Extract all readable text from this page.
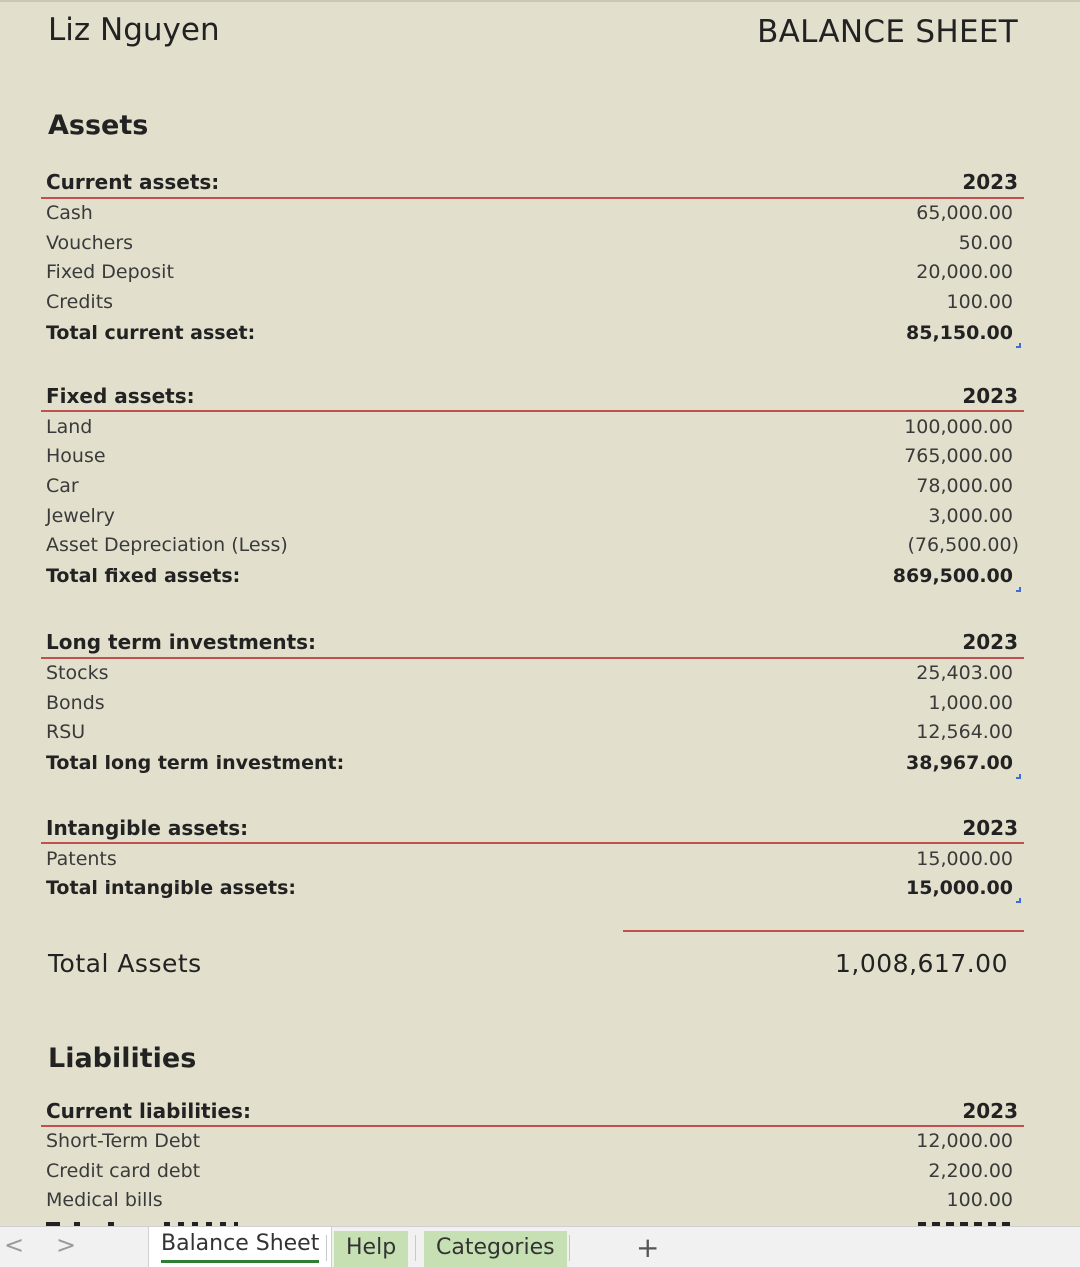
Liz Nguyen	BALANCE SHEET
Assets
Current assets:	2023
Cash	65,000.00
Vouchers	50.00
Fixed Deposit	20,000.00
Credits	100.00
Total current asset:	85,150.00
Fixed assets:	2023
Land	100,000.00
House	765,000.00
Car	78,000.00
Jewelry	3,000.00
Asset Depreciation (Less)	(76,500.00)
Total fixed assets:	869,500.00
Long term investments:	2023
Stocks	25,403.00
Bonds	1,000.00
RSU	12,564.00
Total long term investment:	38,967.00
Intangible assets:	2023
Patents	15,000.00
Total intangible assets:	15,000.00
Total Assets	1,008,617.00
Liabilities
Current liabilities:	2023
Short-Term Debt	12,000.00
Credit card debt	2,200.00
Medical bills	100.00
< >	Balance Sheet	Help	Categories	+
